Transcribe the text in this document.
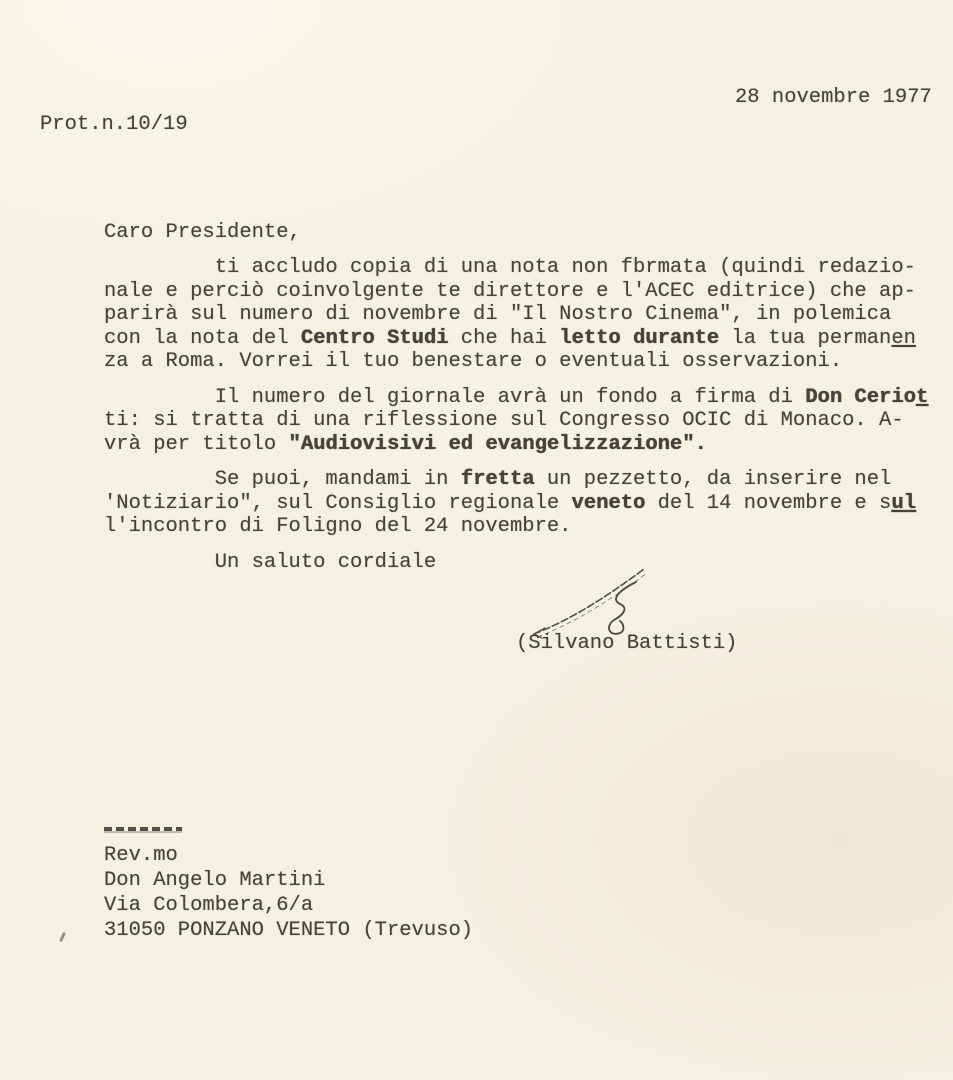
28 novembre 1977
Prot.n.10/19
Caro Presidente,
ti accludo copia di una nota non fbrmata (quindi redazio-
nale e perciò coinvolgente te direttore e l'ACEC editrice) che ap-
parirà sul numero di novembre di "Il Nostro Cinema", in polemica
con la nota del Centro Studi che hai letto durante la tua permanen
za a Roma. Vorrei il tuo benestare o eventuali osservazioni.
Il numero del giornale avrà un fondo a firma di Don Ceriot
ti: si tratta di una riflessione sul Congresso OCIC di Monaco. A-
vrà per titolo "Audiovisivi ed evangelizzazione".
Se puoi, mandami in fretta un pezzetto, da inserire nel
'Notiziario", sul Consiglio regionale veneto del 14 novembre e sul
l'incontro di Foligno del 24 novembre.
Un saluto cordiale
(Silvano Battisti)
Rev.mo
Don Angelo Martini
Via Colombera,6/a
31050 PONZANO VENETO (Trevuso)
